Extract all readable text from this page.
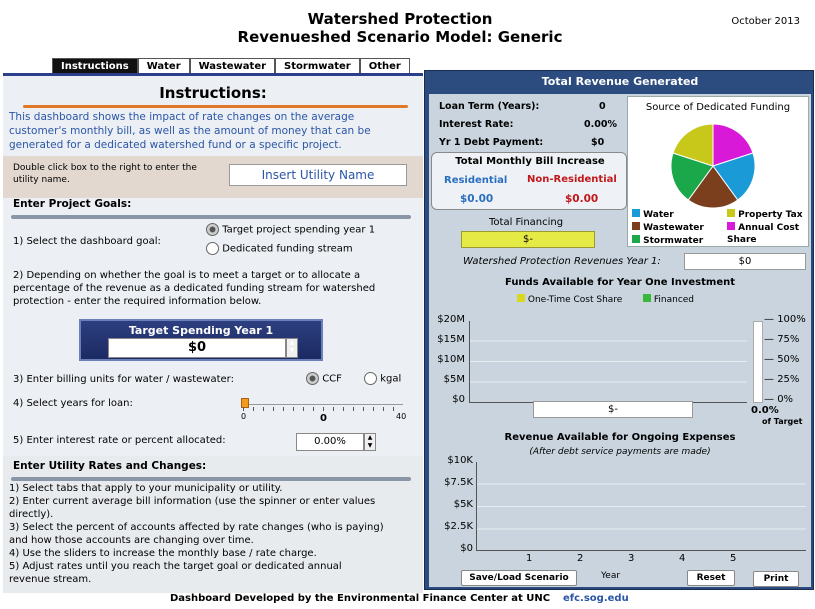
Watershed Protection
Revenueshed Scenario Model: Generic
October 2013
Instructions	Water	Wastewater	Stormwater	Other
Instructions:
This dashboard shows the impact of rate changes on the average customer's monthly bill, as well as the amount of money that can be generated for a dedicated watershed fund or a specific project.
Double click box to the right to enter the utility name.	Insert Utility Name
Enter Project Goals:
1) Select the dashboard goal:
Target project spending year 1
Dedicated funding stream
2) Depending on whether the goal is to meet a target or to allocate a percentage of the revenue as a dedicated funding stream for watershed protection - enter the required information below.
Target Spending Year 1
$0	▲
▼
3) Enter billing units for water / wastewater:	CCF	kgal
4) Select years for loan:
0	0	40
5) Enter interest rate or percent allocated:	0.00%	▲
▼
Enter Utility Rates and Changes:
1) Select tabs that apply to your municipality or utility.
2) Enter current average bill information (use the spinner or enter values directly).
3) Select the percent of accounts affected by rate changes (who is paying) and how those accounts are changing over time.
4) Use the sliders to increase the monthly base / rate charge.
5) Adjust rates until you reach the target goal or dedicated annual revenue stream.
Total Revenue Generated
Loan Term (Years):	0
Interest Rate:	0.00%
Yr 1 Debt Payment:	$0
Total Monthly Bill Increase
Residential Non-Residential
$0.00	$0.00
Source of Dedicated Funding
Water
Wastewater
Stormwater
Property Tax
Annual Cost Share
Total Financing
$-
Watershed Protection Revenues Year 1:	$0
Funds Available for Year One Investment
One-Time Cost Share	Financed
$20M
$15M
$10M
$5M
$0
— 100%
— 75%
— 50%
— 25%
— 0%
$-	0.0%
of Target
Revenue Available for Ongoing Expenses
(After debt service payments are made)
$10K
$7.5K
$5K
$2.5K
$0
1	2	3	4	5
Year
Save/Load Scenario	Reset	Print
Dashboard Developed by the Environmental Finance Center at UNC efc.sog.edu
